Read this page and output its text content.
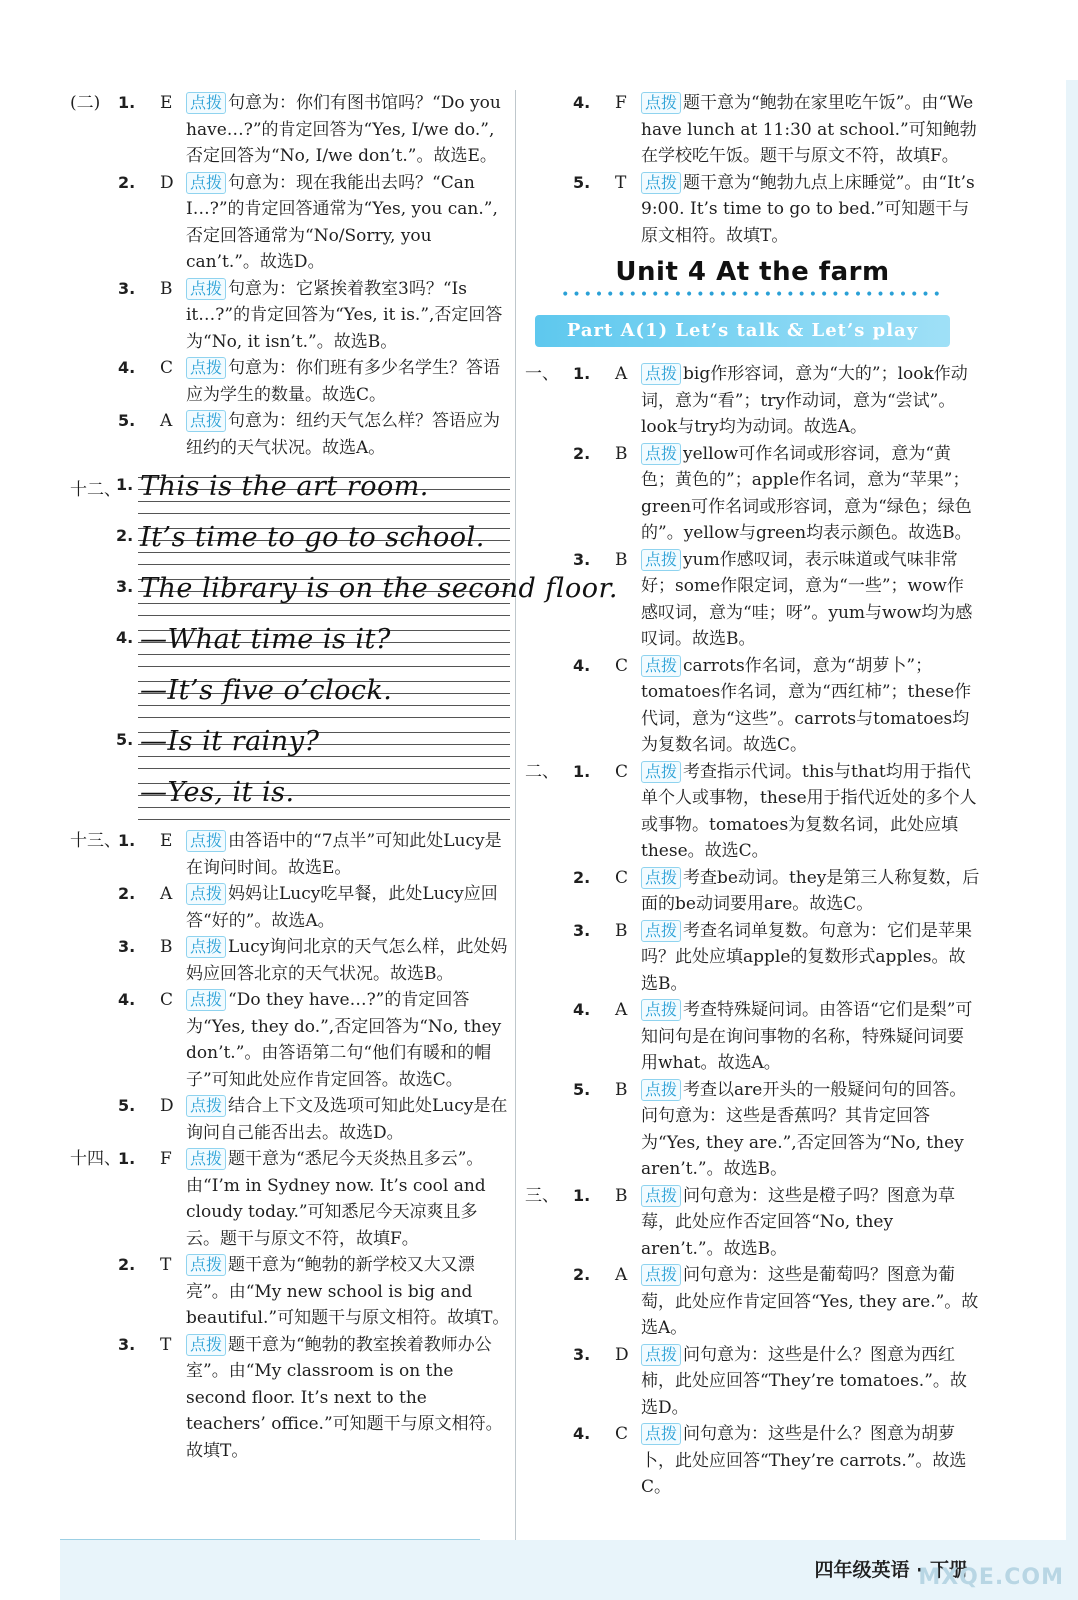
(二) 1. E 点拨 句意为：你们有图书馆吗？“Do you have…?”的肯定回答为“Yes, I/we do.”,否定回答为“No, I/we don’t.”。故选E。
2. D 点拨 句意为：现在我能出去吗？“Can I…?”的肯定回答通常为“Yes, you can.”,否定回答通常为“No/Sorry, you can’t.”。故选D。
3. B 点拨 句意为：它紧挨着教室3吗？“Is it…?”的肯定回答为“Yes, it is.”,否定回答为“No, it isn’t.”。故选B。
4. C 点拨 句意为：你们班有多少名学生？答语应为学生的数量。故选C。
5. A 点拨 句意为：纽约天气怎么样？答语应为纽约的天气状况。故选A。
十二、
1. This is the art room.
2. It’s time to go to school.
3. The library is on the second floor.
4. —What time is it?
—It’s five o’clock.
5. —Is it rainy?
—Yes, it is.
十三、
1. E 点拨 由答语中的“7点半”可知此处Lucy是在询问时间。故选E。
2. A 点拨 妈妈让Lucy吃早餐，此处Lucy应回答“好的”。故选A。
3. B 点拨 Lucy询问北京的天气怎么样，此处妈妈应回答北京的天气状况。故选B。
4. C 点拨 “Do they have…?”的肯定回答为“Yes, they do.”,否定回答为“No, they don’t.”。由答语第二句“他们有暖和的帽子”可知此处应作肯定回答。故选C。
5. D 点拨 结合上下文及选项可知此处Lucy是在询问自己能否出去。故选D。
十四、
1. F 点拨 题干意为“悉尼今天炎热且多云”。由“I’m in Sydney now. It’s cool and cloudy today.”可知悉尼今天凉爽且多云。题干与原文不符，故填F。
2. T 点拨 题干意为“鲍勃的新学校又大又漂亮”。由“My new school is big and beautiful.”可知题干与原文相符。故填T。
3. T 点拨 题干意为“鲍勃的教室挨着教师办公室”。由“My classroom is on the second floor. It’s next to the teachers’ office.”可知题干与原文相符。故填T。
4. F 点拨 题干意为“鲍勃在家里吃午饭”。由“We have lunch at 11:30 at school.”可知鲍勃在学校吃午饭。题干与原文不符，故填F。
5. T 点拨 题干意为“鲍勃九点上床睡觉”。由“It’s 9:00. It’s time to go to bed.”可知题干与原文相符。故填T。
Unit 4 At the farm
••••••••••••••••••••••••••••••••••
Part A(1) Let’s talk & Let’s play
一、 1. A 点拨 big作形容词，意为“大的”；look作动词，意为“看”；try作动词，意为“尝试”。look与try均为动词。故选A。
2. B 点拨 yellow可作名词或形容词，意为“黄色；黄色的”；apple作名词，意为“苹果”；green可作名词或形容词，意为“绿色；绿色的”。yellow与green均表示颜色。故选B。
3. B 点拨 yum作感叹词，表示味道或气味非常好；some作限定词，意为“一些”；wow作感叹词，意为“哇；呀”。yum与wow均为感叹词。故选B。
4. C 点拨 carrots作名词，意为“胡萝卜”；tomatoes作名词，意为“西红柿”；these作代词，意为“这些”。carrots与tomatoes均为复数名词。故选C。
二、 1. C 点拨 考查指示代词。this与that均用于指代单个人或事物，these用于指代近处的多个人或事物。tomatoes为复数名词，此处应填these。故选C。
2. C 点拨 考查be动词。they是第三人称复数，后面的be动词要用are。故选C。
3. B 点拨 考查名词单复数。句意为：它们是苹果吗？此处应填apple的复数形式apples。故选B。
4. A 点拨 考查特殊疑问词。由答语“它们是梨”可知问句是在询问事物的名称，特殊疑问词要用what。故选A。
5. B 点拨 考查以are开头的一般疑问句的回答。问句意为：这些是香蕉吗？其肯定回答为“Yes, they are.”,否定回答为“No, they aren’t.”。故选B。
三、 1. B 点拨 问句意为：这些是橙子吗？图意为草莓，此处应作否定回答“No, they aren’t.”。故选B。
2. A 点拨 问句意为：这些是葡萄吗？图意为葡萄，此处应作肯定回答“Yes, they are.”。故选A。
3. D 点拨 问句意为：这些是什么？图意为西红柿，此处应回答“They’re tomatoes.”。故选D。
4. C 点拨 问句意为：这些是什么？图意为胡萝卜，此处应回答“They’re carrots.”。故选C。
四年级英语 · 下册
MXQE.COM
